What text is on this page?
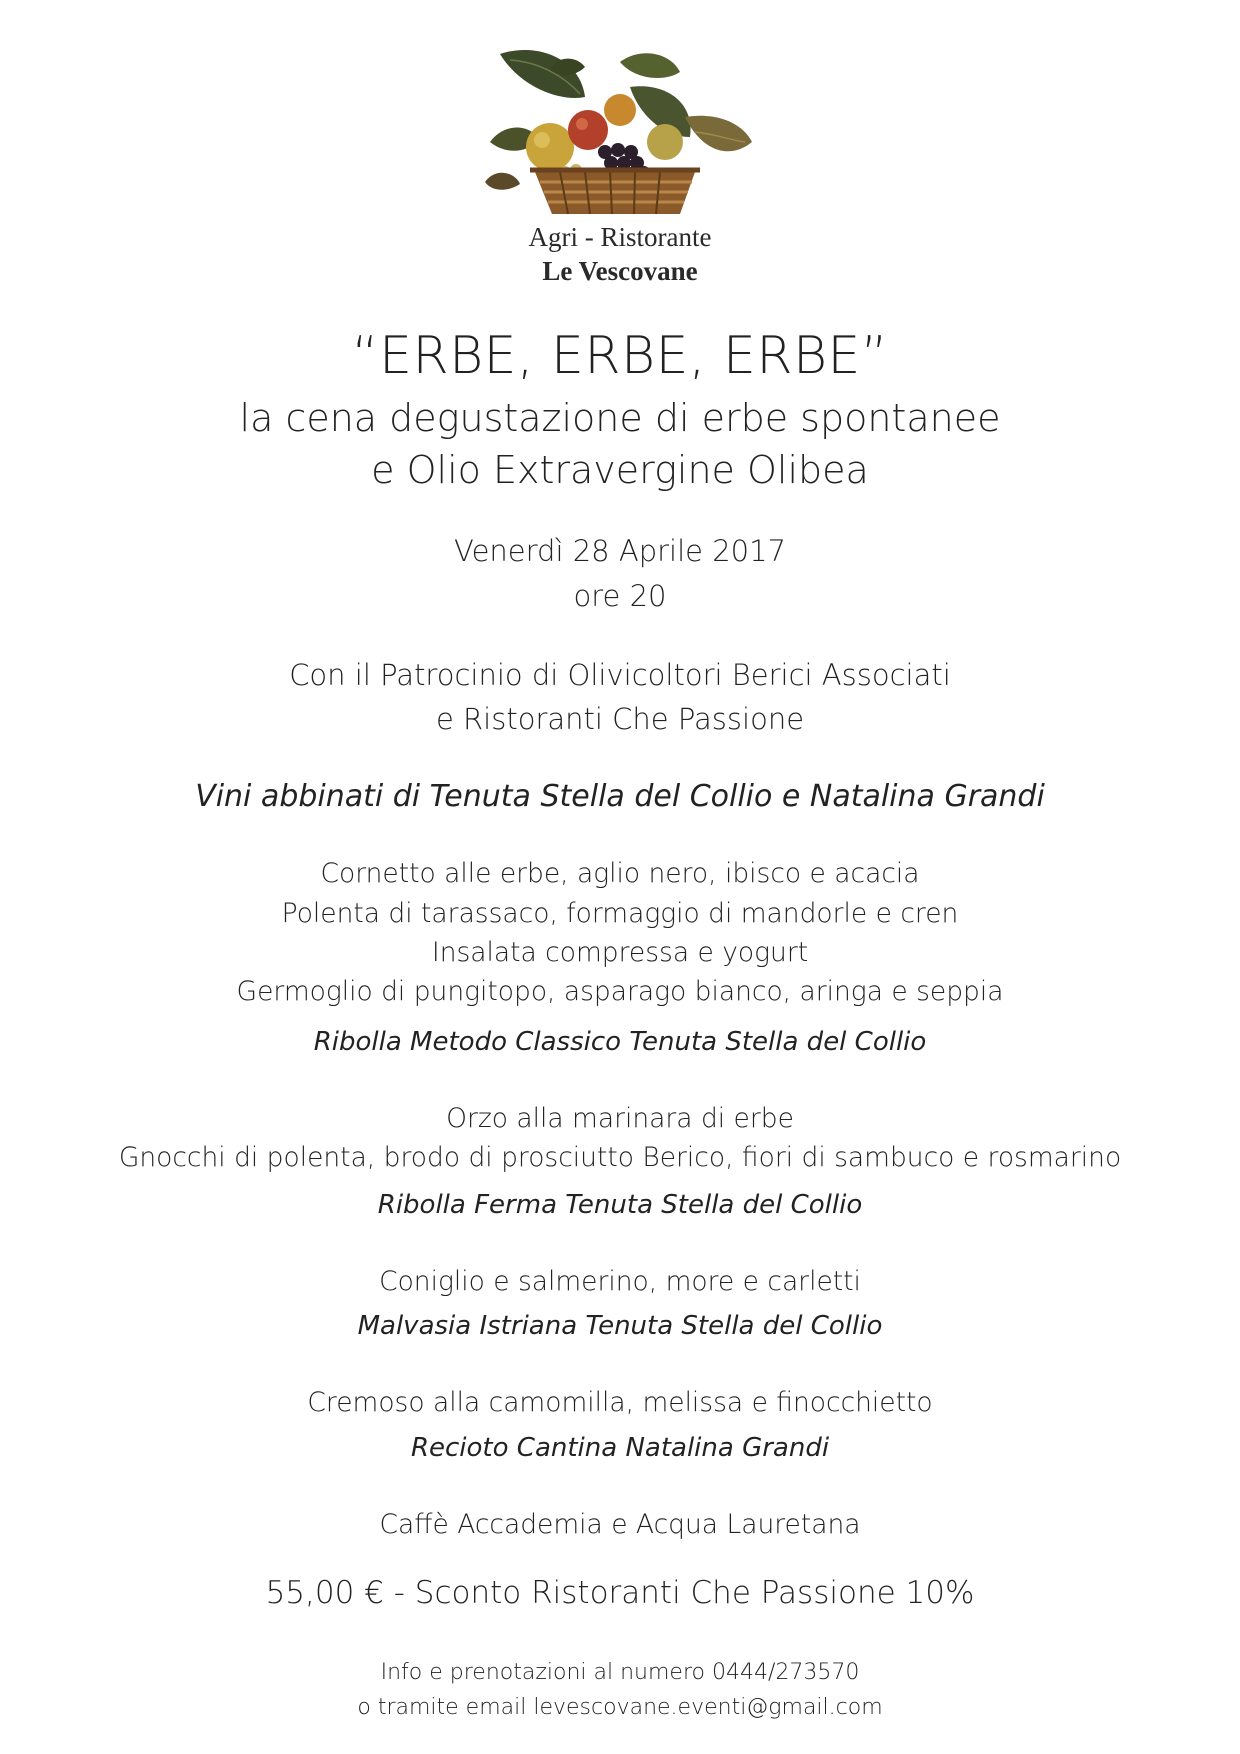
Agri - Ristorante
Le Vescovane
“ERBE, ERBE, ERBE”
la cena degustazione di erbe spontanee
e Olio Extravergine Olibea
Venerdì 28 Aprile 2017
ore 20
Con il Patrocinio di Olivicoltori Berici Associati
e Ristoranti Che Passione
Vini abbinati di Tenuta Stella del Collio e Natalina Grandi
Cornetto alle erbe, aglio nero, ibisco e acacia
Polenta di tarassaco, formaggio di mandorle e cren
Insalata compressa e yogurt
Germoglio di pungitopo, asparago bianco, aringa e seppia
Ribolla Metodo Classico Tenuta Stella del Collio
Orzo alla marinara di erbe
Gnocchi di polenta, brodo di prosciutto Berico, fiori di sambuco e rosmarino
Ribolla Ferma Tenuta Stella del Collio
Coniglio e salmerino, more e carletti
Malvasia Istriana Tenuta Stella del Collio
Cremoso alla camomilla, melissa e finocchietto
Recioto Cantina Natalina Grandi
Caffè Accademia e Acqua Lauretana
55,00 € - Sconto Ristoranti Che Passione 10%
Info e prenotazioni al numero 0444/273570
o tramite email levescovane.eventi@gmail.com
